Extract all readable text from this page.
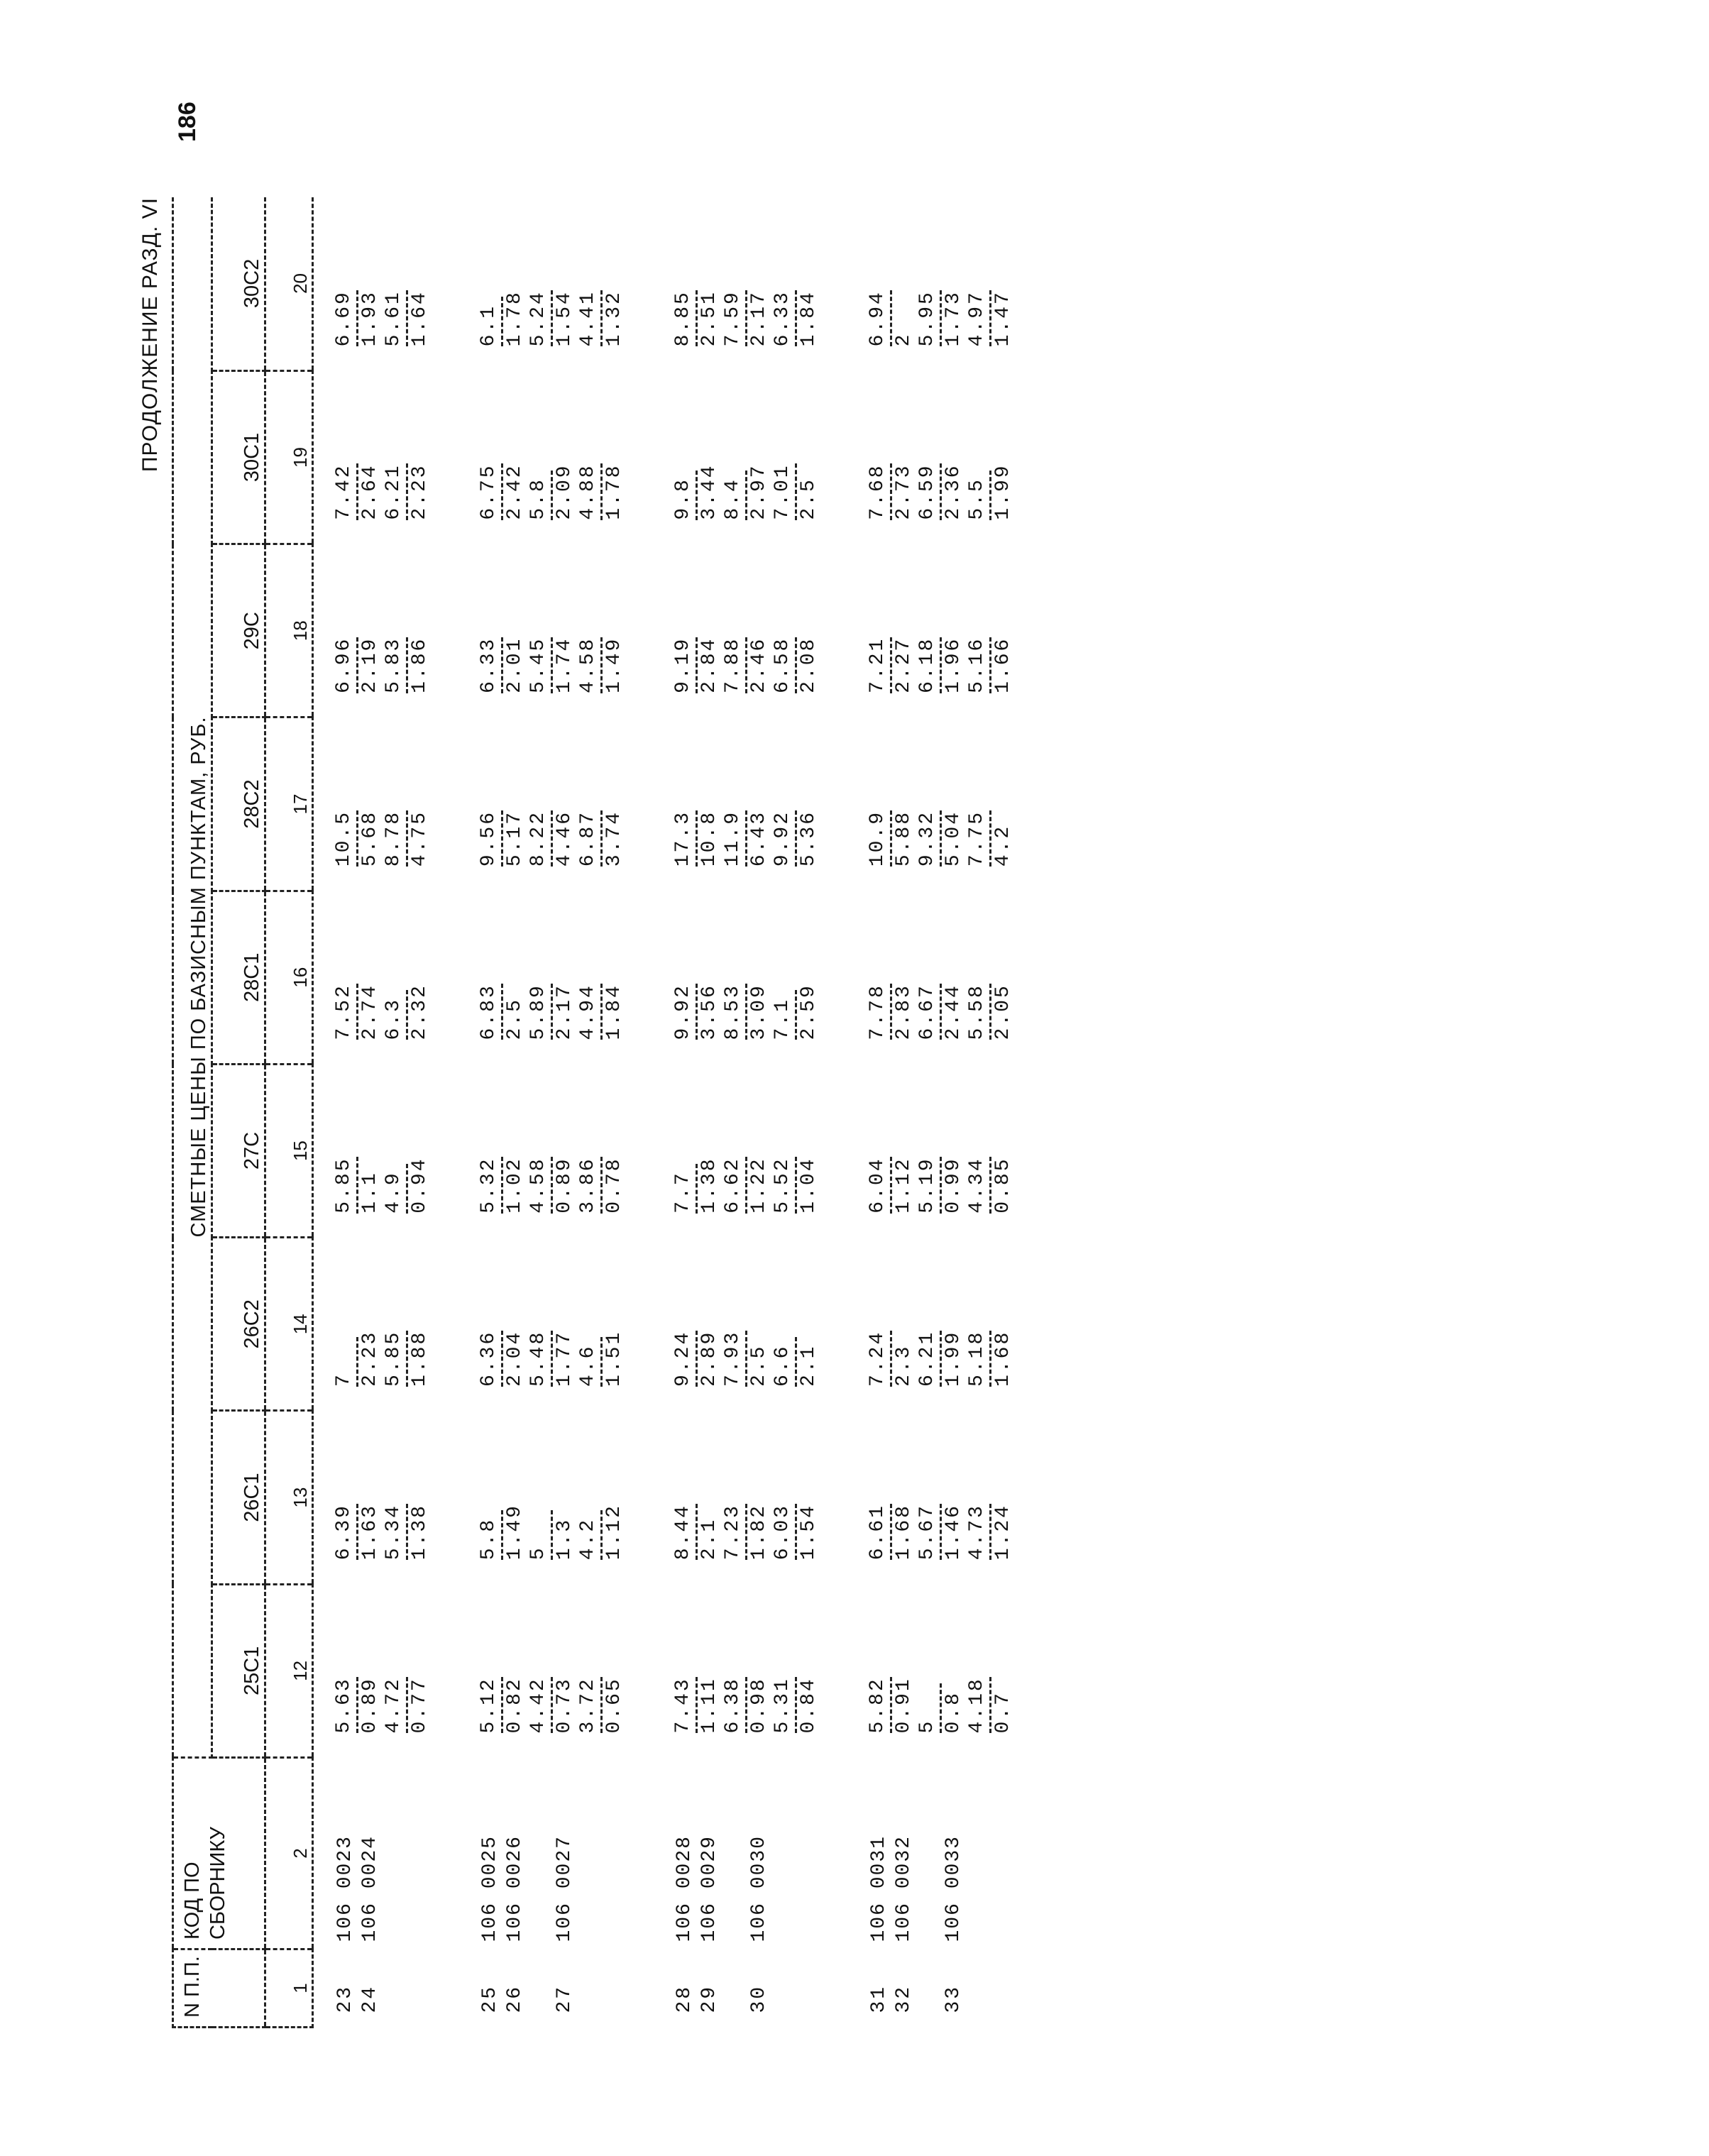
186
ПРОДОЛЖЕНИЕ РАЗД. VI
N П.П.	КОД ПО СБОРНИКУ	СМЕТНЫЕ ЦЕНЫ ПО БАЗИСНЫМ ПУНКТАМ, РУБ.								
		25С1	26С1	26С2	27С	28С1	28С2	29С	30С1	30С2
1	2	12	13	14	15	16	17	18	19	20
23	106 0023	5.63	6.39	7	5.85	7.52	10.5	6.96	7.42	6.69
24	106 0024	0.89	1.63	2.23	1.1	2.74	5.68	2.19	2.64	1.93
		4.72	5.34	5.85	4.9	6.3	8.78	5.83	6.21	5.61
		0.77	1.38	1.88	0.94	2.32	4.75	1.86	2.23	1.64

25	106 0025	5.12	5.8	6.36	5.32	6.83	9.56	6.33	6.75	6.1
26	106 0026	0.82	1.49	2.04	1.02	2.5	5.17	2.01	2.42	1.78
		4.42	5	5.48	4.58	5.89	8.22	5.45	5.8	5.24
27	106 0027	0.73	1.3	1.77	0.89	2.17	4.46	1.74	2.09	1.54
		3.72	4.2	4.6	3.86	4.94	6.87	4.58	4.88	4.41
		0.65	1.12	1.51	0.78	1.84	3.74	1.49	1.78	1.32

28	106 0028	7.43	8.44	9.24	7.7	9.92	17.3	9.19	9.8	8.85
29	106 0029	1.11	2.1	2.89	1.38	3.56	10.8	2.84	3.44	2.51
		6.38	7.23	7.93	6.62	8.53	11.9	7.88	8.4	7.59
30	106 0030	0.98	1.82	2.5	1.22	3.09	6.43	2.46	2.97	2.17
		5.31	6.03	6.6	5.52	7.1	9.92	6.58	7.01	6.33
		0.84	1.54	2.1	1.04	2.59	5.36	2.08	2.5	1.84

31	106 0031	5.82	6.61	7.24	6.04	7.78	10.9	7.21	7.68	6.94
32	106 0032	0.91	1.68	2.3	1.12	2.83	5.88	2.27	2.73	2
		5	5.67	6.21	5.19	6.67	9.32	6.18	6.59	5.95
33	106 0033	0.8	1.46	1.99	0.99	2.44	5.04	1.96	2.36	1.73
		4.18	4.73	5.18	4.34	5.58	7.75	5.16	5.5	4.97
		0.7	1.24	1.68	0.85	2.05	4.2	1.66	1.99	1.47
